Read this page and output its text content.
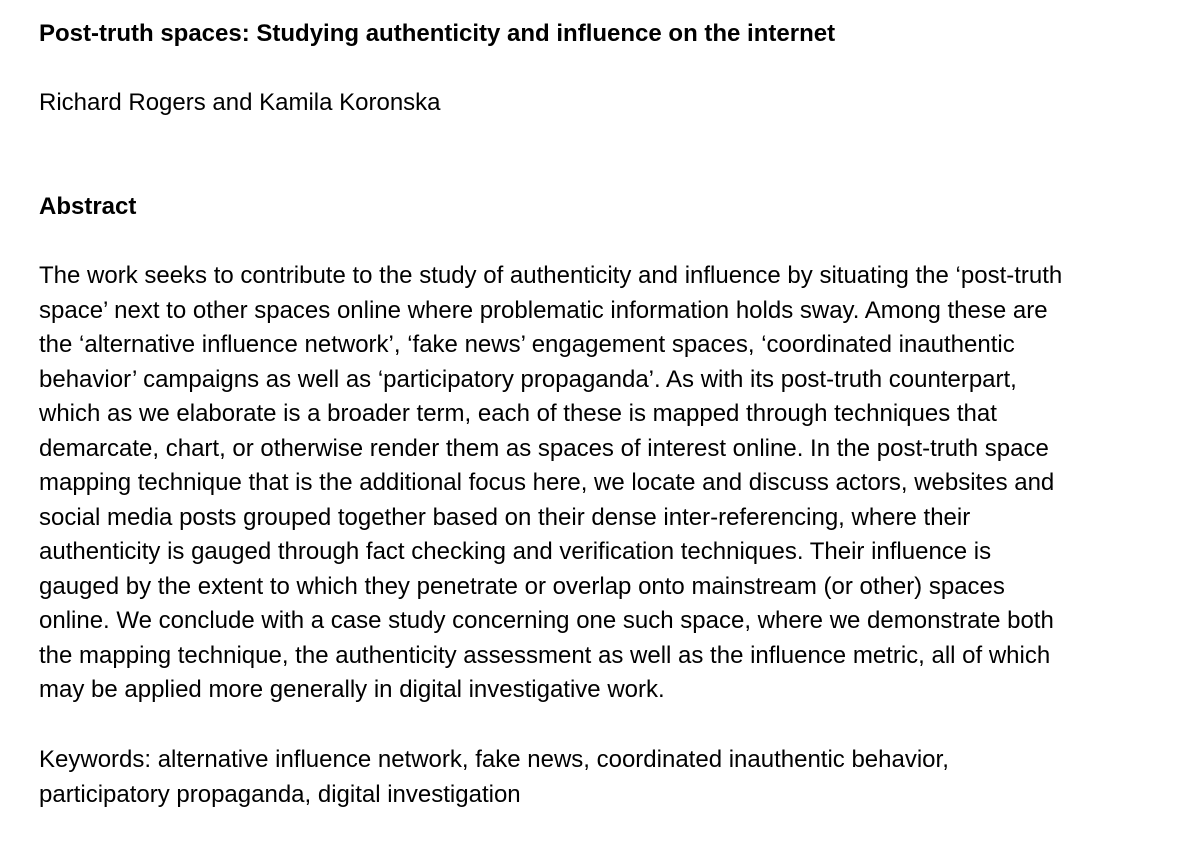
Post-truth spaces: Studying authenticity and influence on the internet

Richard Rogers and Kamila Koronska

Abstract

The work seeks to contribute to the study of authenticity and influence by situating the ‘post-truth
space’ next to other spaces online where problematic information holds sway. Among these are
the ‘alternative influence network’, ‘fake news’ engagement spaces, ‘coordinated inauthentic
behavior’ campaigns as well as ‘participatory propaganda’. As with its post-truth counterpart,
which as we elaborate is a broader term, each of these is mapped through techniques that
demarcate, chart, or otherwise render them as spaces of interest online. In the post-truth space
mapping technique that is the additional focus here, we locate and discuss actors, websites and
social media posts grouped together based on their dense inter-referencing, where their
authenticity is gauged through fact checking and verification techniques. Their influence is
gauged by the extent to which they penetrate or overlap onto mainstream (or other) spaces
online. We conclude with a case study concerning one such space, where we demonstrate both
the mapping technique, the authenticity assessment as well as the influence metric, all of which
may be applied more generally in digital investigative work.

Keywords: alternative influence network, fake news, coordinated inauthentic behavior,
participatory propaganda, digital investigation
